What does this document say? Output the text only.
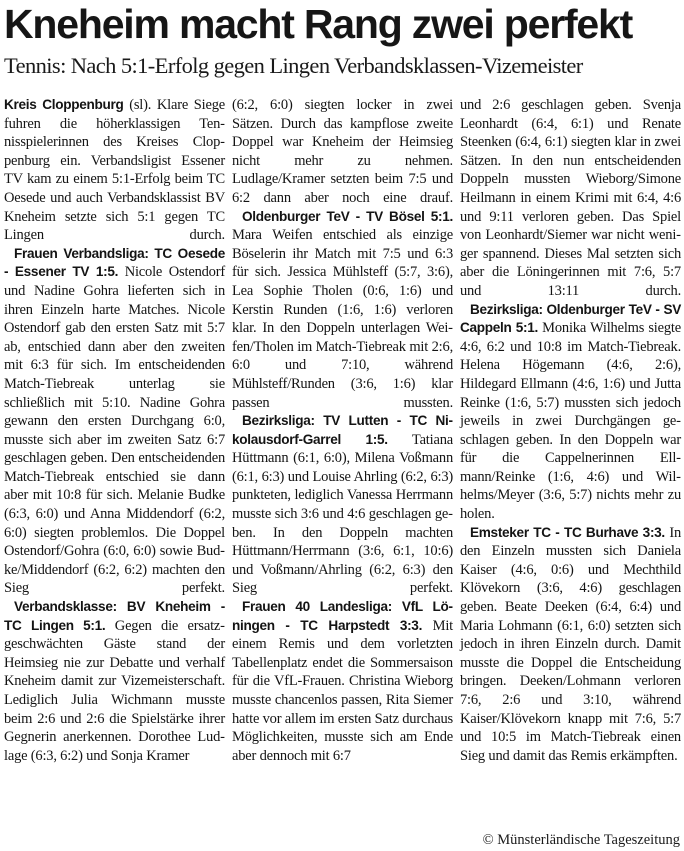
Kneheim macht Rang zwei perfekt
Tennis: Nach 5:1-Erfolg gegen Lingen Verbandsklassen-Vizemeister

Kreis Cloppenburg (sl). Klare Siege fuhren die höherklassigen Tennisspielerinnen des Kreises Cloppenburg ein. Verbandsligist Essener TV kam zu einem 5:1-Erfolg beim TC Oesede und auch Verbandsklassist BV Kneheim setzte sich 5:1 gegen TC Lingen durch.

Frauen Verbandsliga: TC Oesede - Essener TV 1:5. Nicole Ostendorf und Nadine Gohra lieferten sich in ihren Einzeln harte Matches. Nicole Ostendorf gab den ersten Satz mit 5:7 ab, entschied dann aber den zweiten mit 6:3 für sich. Im entscheidenden Match-Tiebreak unterlag sie schließlich mit 5:10. Nadine Gohra gewann den ersten Durchgang 6:0, musste sich aber im zweiten Satz 6:7 geschlagen geben. Den entscheidenden Match-Tiebreak entschied sie dann aber mit 10:8 für sich. Melanie Budke (6:3, 6:0) und Anna Middendorf (6:2, 6:0) siegten problemlos. Die Doppel Ostendorf/Gohra (6:0, 6:0) sowie Budke/Middendorf (6:2, 6:2) machten den Sieg perfekt.

Verbandsklasse: BV Kneheim - TC Lingen 5:1. Gegen die ersatzgeschwächten Gäste stand der Heimsieg nie zur Debatte und verhalf Kneheim damit zur Vizemeisterschaft. Lediglich Julia Wichmann musste beim 2:6 und 2:6 die Spielstärke ihrer Gegnerin anerkennen. Dorothee Ludlage (6:3, 6:2) und Sonja Kramer

(6:2, 6:0) siegten locker in zwei Sätzen. Durch das kampflose zweite Doppel war Kneheim der Heimsieg nicht mehr zu nehmen. Ludlage/Kramer setzten beim 7:5 und 6:2 dann aber noch eine drauf.

Oldenburger TeV - TV Bösel 5:1. Mara Weifen entschied als einzige Böselerin ihr Match mit 7:5 und 6:3 für sich. Jessica Mühlsteff (5:7, 3:6), Lea Sophie Tholen (0:6, 1:6) und Kerstin Runden (1:6, 1:6) verloren klar. In den Doppeln unterlagen Weifen/Tholen im Match-Tiebreak mit 2:6, 6:0 und 7:10, während Mühlsteff/Runden (3:6, 1:6) klar passen mussten.

Bezirksliga: TV Lutten - TC Nikolausdorf-Garrel 1:5. Tatiana Hüttmann (6:1, 6:0), Milena Voßmann (6:1, 6:3) und Louise Ahrling (6:2, 6:3) punkteten, lediglich Vanessa Herrmann musste sich 3:6 und 4:6 geschlagen geben. In den Doppeln machten Hüttmann/Herrmann (3:6, 6:1, 10:6) und Voßmann/Ahrling (6:2, 6:3) den Sieg perfekt.

Frauen 40 Landesliga: VfL Löningen - TC Harpstedt 3:3. Mit einem Remis und dem vorletzten Tabellenplatz endet die Sommersaison für die VfL-Frauen. Christina Wieborg musste chancenlos passen, Rita Siemer hatte vor allem im ersten Satz durchaus Möglichkeiten, musste sich am Ende aber dennoch mit 6:7

und 2:6 geschlagen geben. Svenja Leonhardt (6:4, 6:1) und Renate Steenken (6:4, 6:1) siegten klar in zwei Sätzen. In den nun entscheidenden Doppeln mussten Wieborg/Simone Heilmann in einem Krimi mit 6:4, 4:6 und 9:11 verloren geben. Das Spiel von Leonhardt/Siemer war nicht weniger spannend. Dieses Mal setzten sich aber die Löningerinnen mit 7:6, 5:7 und 13:11 durch.

Bezirksliga: Oldenburger TeV - SV Cappeln 5:1. Monika Wilhelms siegte 4:6, 6:2 und 10:8 im Match-Tiebreak. Helena Högemann (4:6, 2:6), Hildegard Ellmann (4:6, 1:6) und Jutta Reinke (1:6, 5:7) mussten sich jedoch jeweils in zwei Durchgängen geschlagen geben. In den Doppeln war für die Cappelnerinnen Ellmann/Reinke (1:6, 4:6) und Wilhelms/Meyer (3:6, 5:7) nichts mehr zu holen.

Emsteker TC - TC Burhave 3:3. In den Einzeln mussten sich Daniela Kaiser (4:6, 0:6) und Mechthild Klövekorn (3:6, 4:6) geschlagen geben. Beate Deeken (6:4, 6:4) und Maria Lohmann (6:1, 6:0) setzten sich jedoch in ihren Einzeln durch. Damit musste die Doppel die Entscheidung bringen. Deeken/Lohmann verloren 7:6, 2:6 und 3:10, während Kaiser/Klövekorn knapp mit 7:6, 5:7 und 10:5 im Match-Tiebreak einen Sieg und damit das Remis erkämpften.

© Münsterländische Tageszeitung
